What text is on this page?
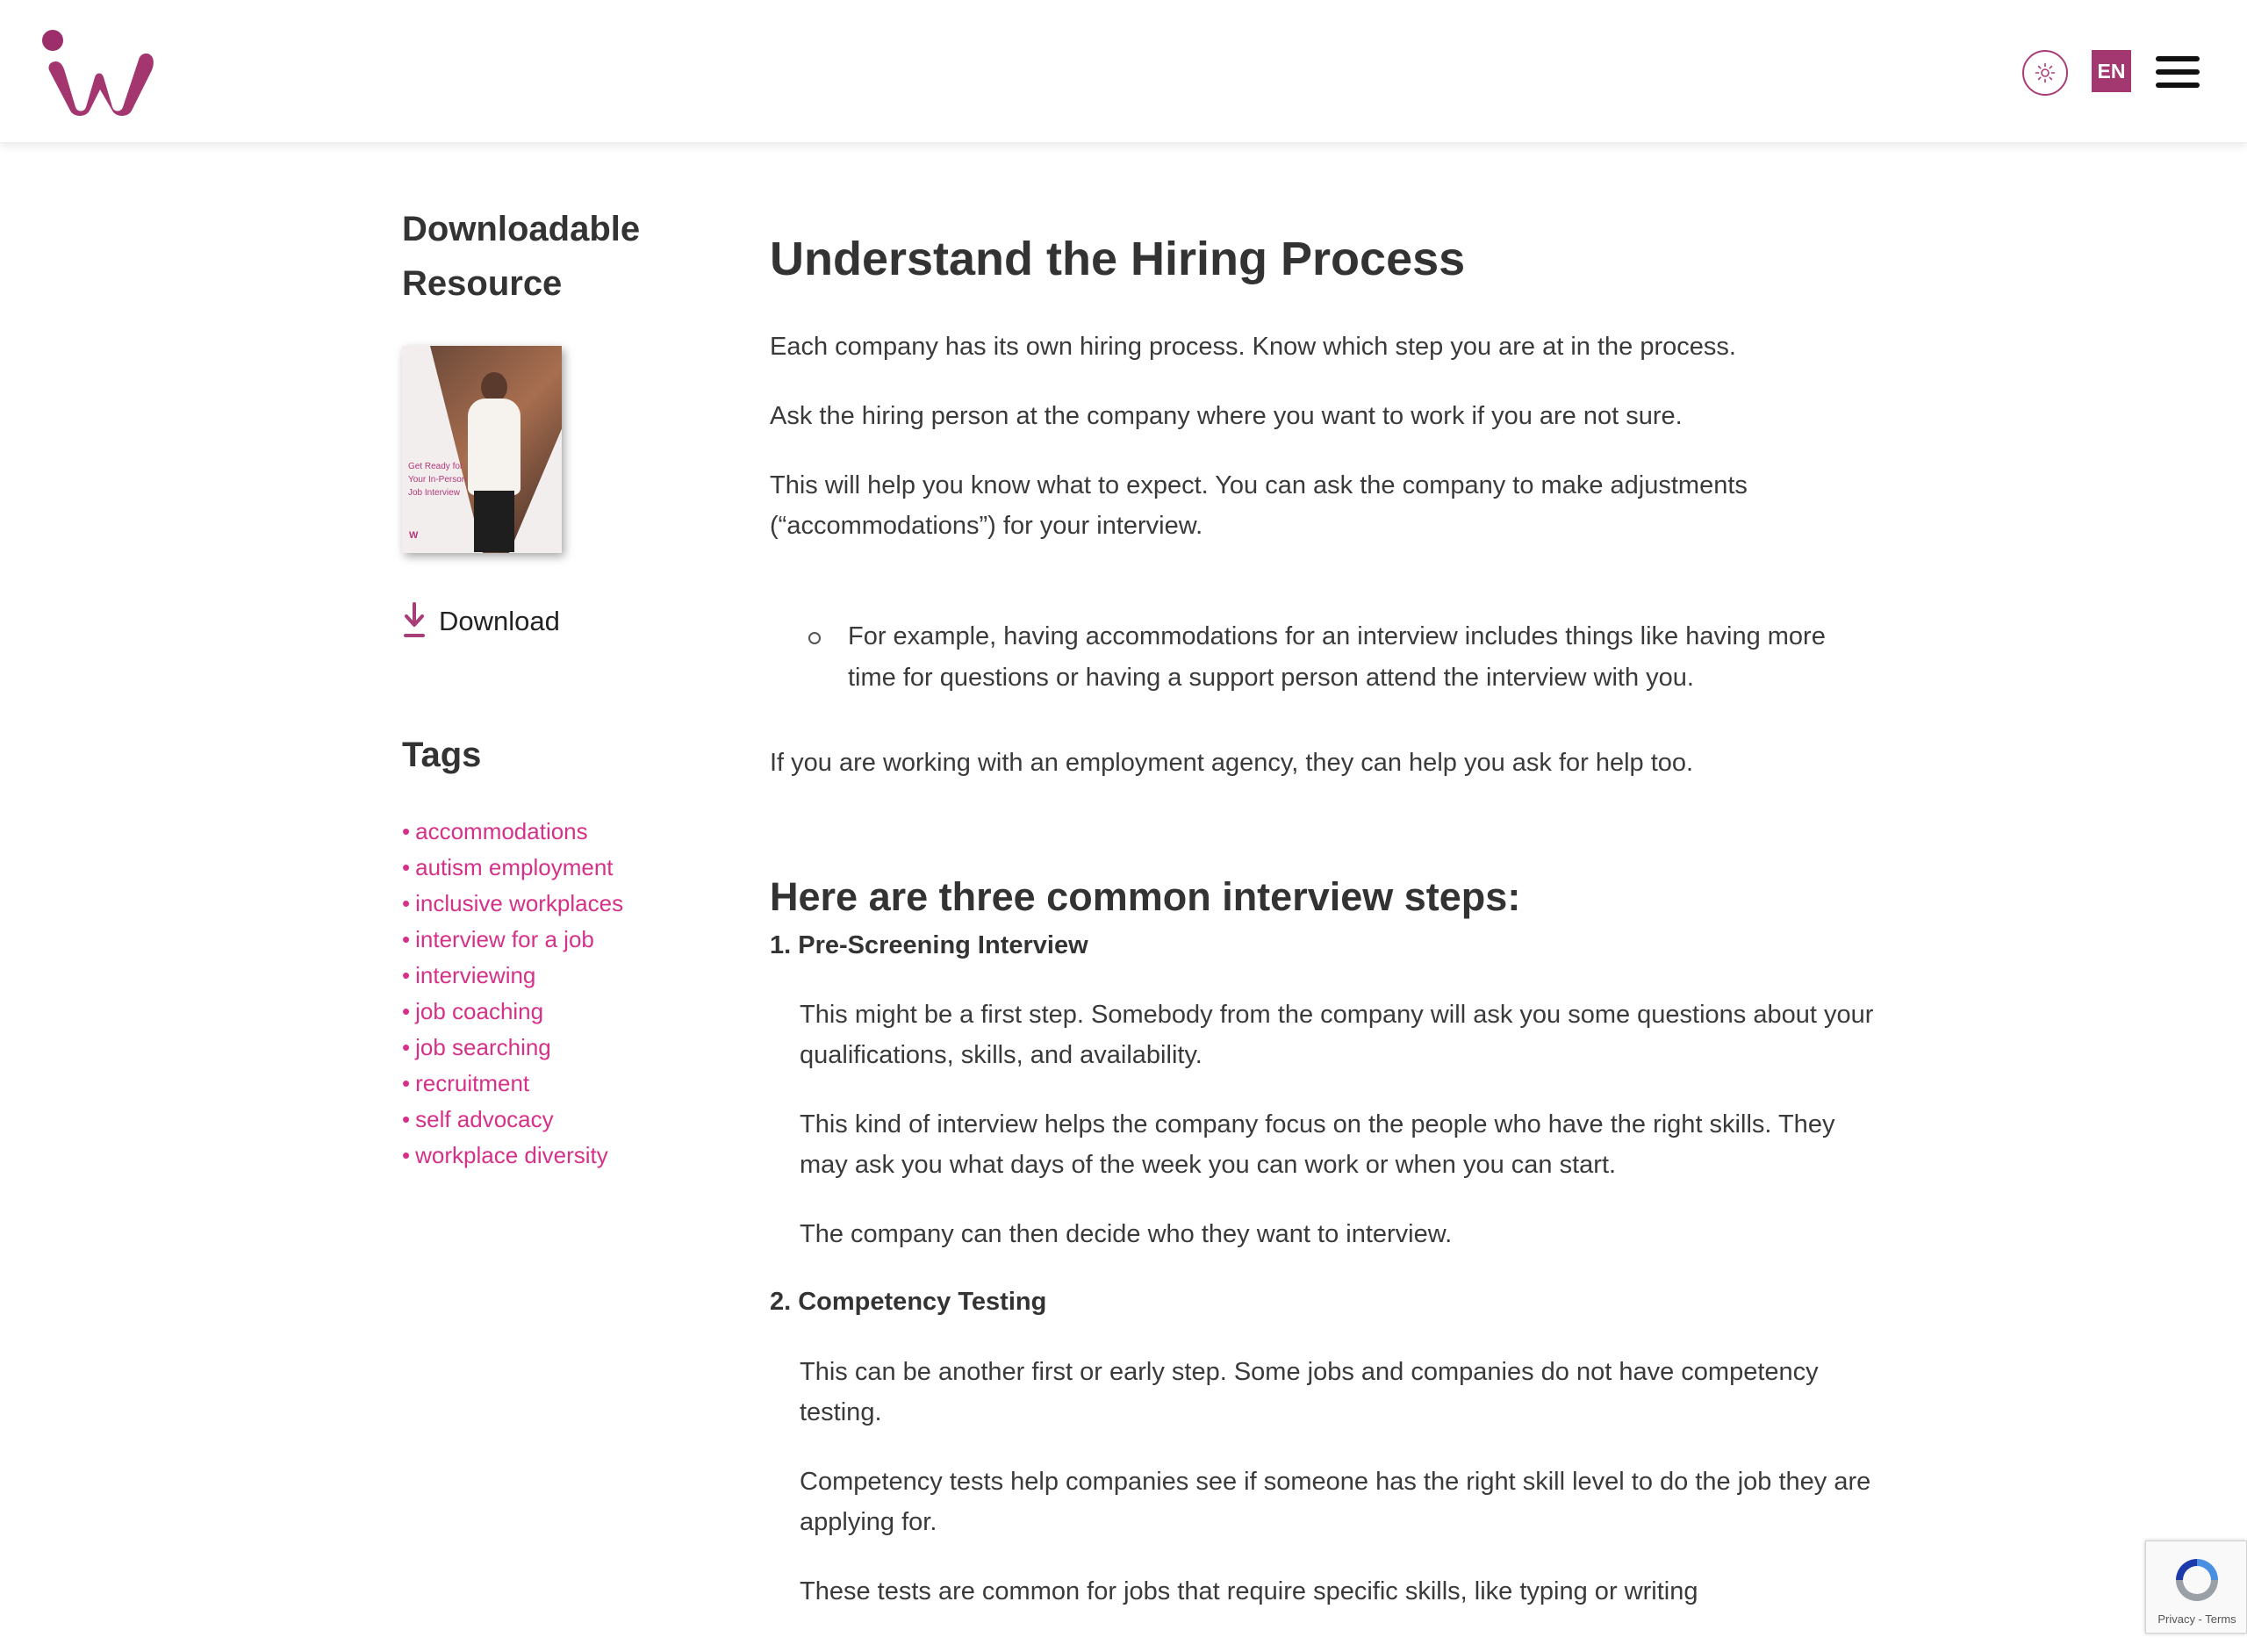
EN
Downloadable Resource
Get Ready for Your In-Person Job Interview
W
Download
Tags
• accommodations
• autism employment
• inclusive workplaces
• interview for a job
• interviewing
• job coaching
• job searching
• recruitment
• self advocacy
• workplace diversity
Understand the Hiring Process

Each company has its own hiring process. Know which step you are at in the process.

Ask the hiring person at the company where you want to work if you are not sure.

This will help you know what to expect. You can ask the company to make adjustments (“accommodations”) for your interview.

For example, having accommodations for an interview includes things like having more time for questions or having a support person attend the interview with you.

If you are working with an employment agency, they can help you ask for help too.

Here are three common interview steps:
1. Pre-Screening Interview

This might be a first step. Somebody from the company will ask you some questions about your qualifications, skills, and availability.

This kind of interview helps the company focus on the people who have the right skills. They may ask you what days of the week you can work or when you can start.

The company can then decide who they want to interview.

2. Competency Testing

This can be another first or early step. Some jobs and companies do not have competency testing.

Competency tests help companies see if someone has the right skill level to do the job they are applying for.

These tests are common for jobs that require specific skills, like typing or writing

Privacy - Terms
